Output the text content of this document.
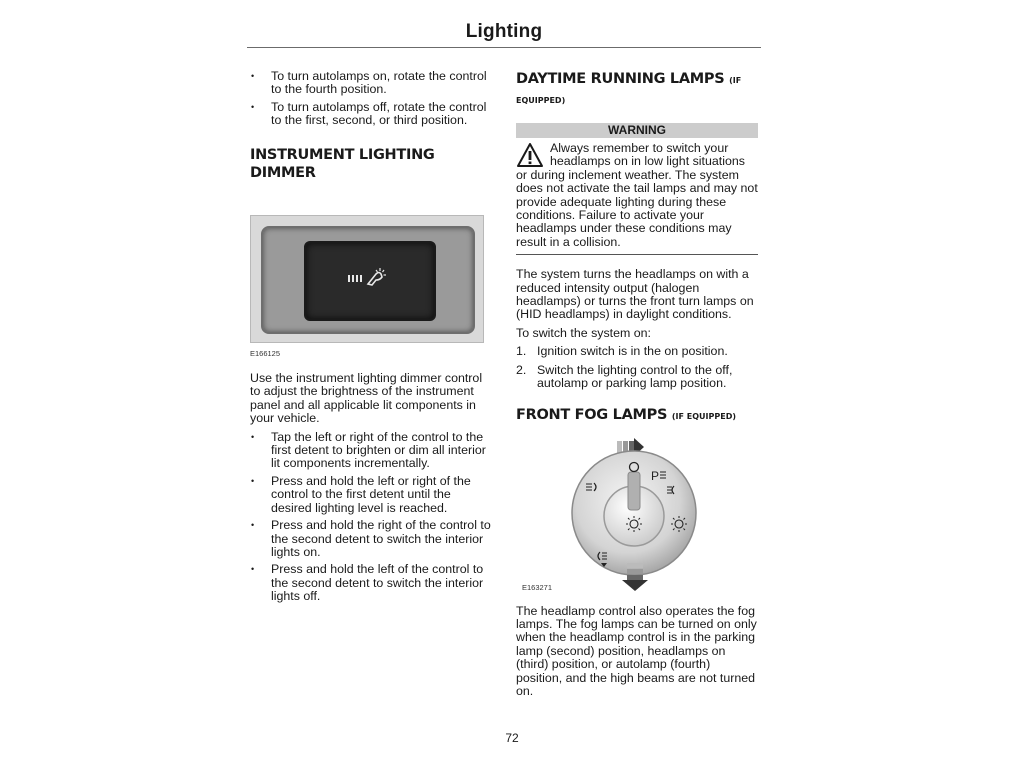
Lighting
• To turn autolamps on, rotate the control to the fourth position.
• To turn autolamps off, rotate the control to the first, second, or third position.
INSTRUMENT LIGHTING
DIMMER
E166125

Use the instrument lighting dimmer control to adjust the brightness of the instrument panel and all applicable lit components in your vehicle.

• Tap the left or right of the control to the first detent to brighten or dim all interior lit components incrementally.
• Press and hold the left or right of the control to the first detent until the desired lighting level is reached.
• Press and hold the right of the control to the second detent to switch the interior lights on.
• Press and hold the left of the control to the second detent to switch the interior lights off.
DAYTIME RUNNING LAMPS (IF
EQUIPPED)
WARNING

Always remember to switch your headlamps on in low light situations or during inclement weather. The system does not activate the tail lamps and may not provide adequate lighting during these conditions. Failure to activate your headlamps under these conditions may result in a collision.

The system turns the headlamps on with a reduced intensity output (halogen headlamps) or turns the front turn lamps on (HID headlamps) in daylight conditions.

To switch the system on:

1. Ignition switch is in the on position.
2. Switch the lighting control to the off, autolamp or parking lamp position.
FRONT FOG LAMPS (IF EQUIPPED)
P
E163271

The headlamp control also operates the fog lamps. The fog lamps can be turned on only when the headlamp control is in the parking lamp (second) position, headlamps on (third) position, or autolamp (fourth) position, and the high beams are not turned on.

72
